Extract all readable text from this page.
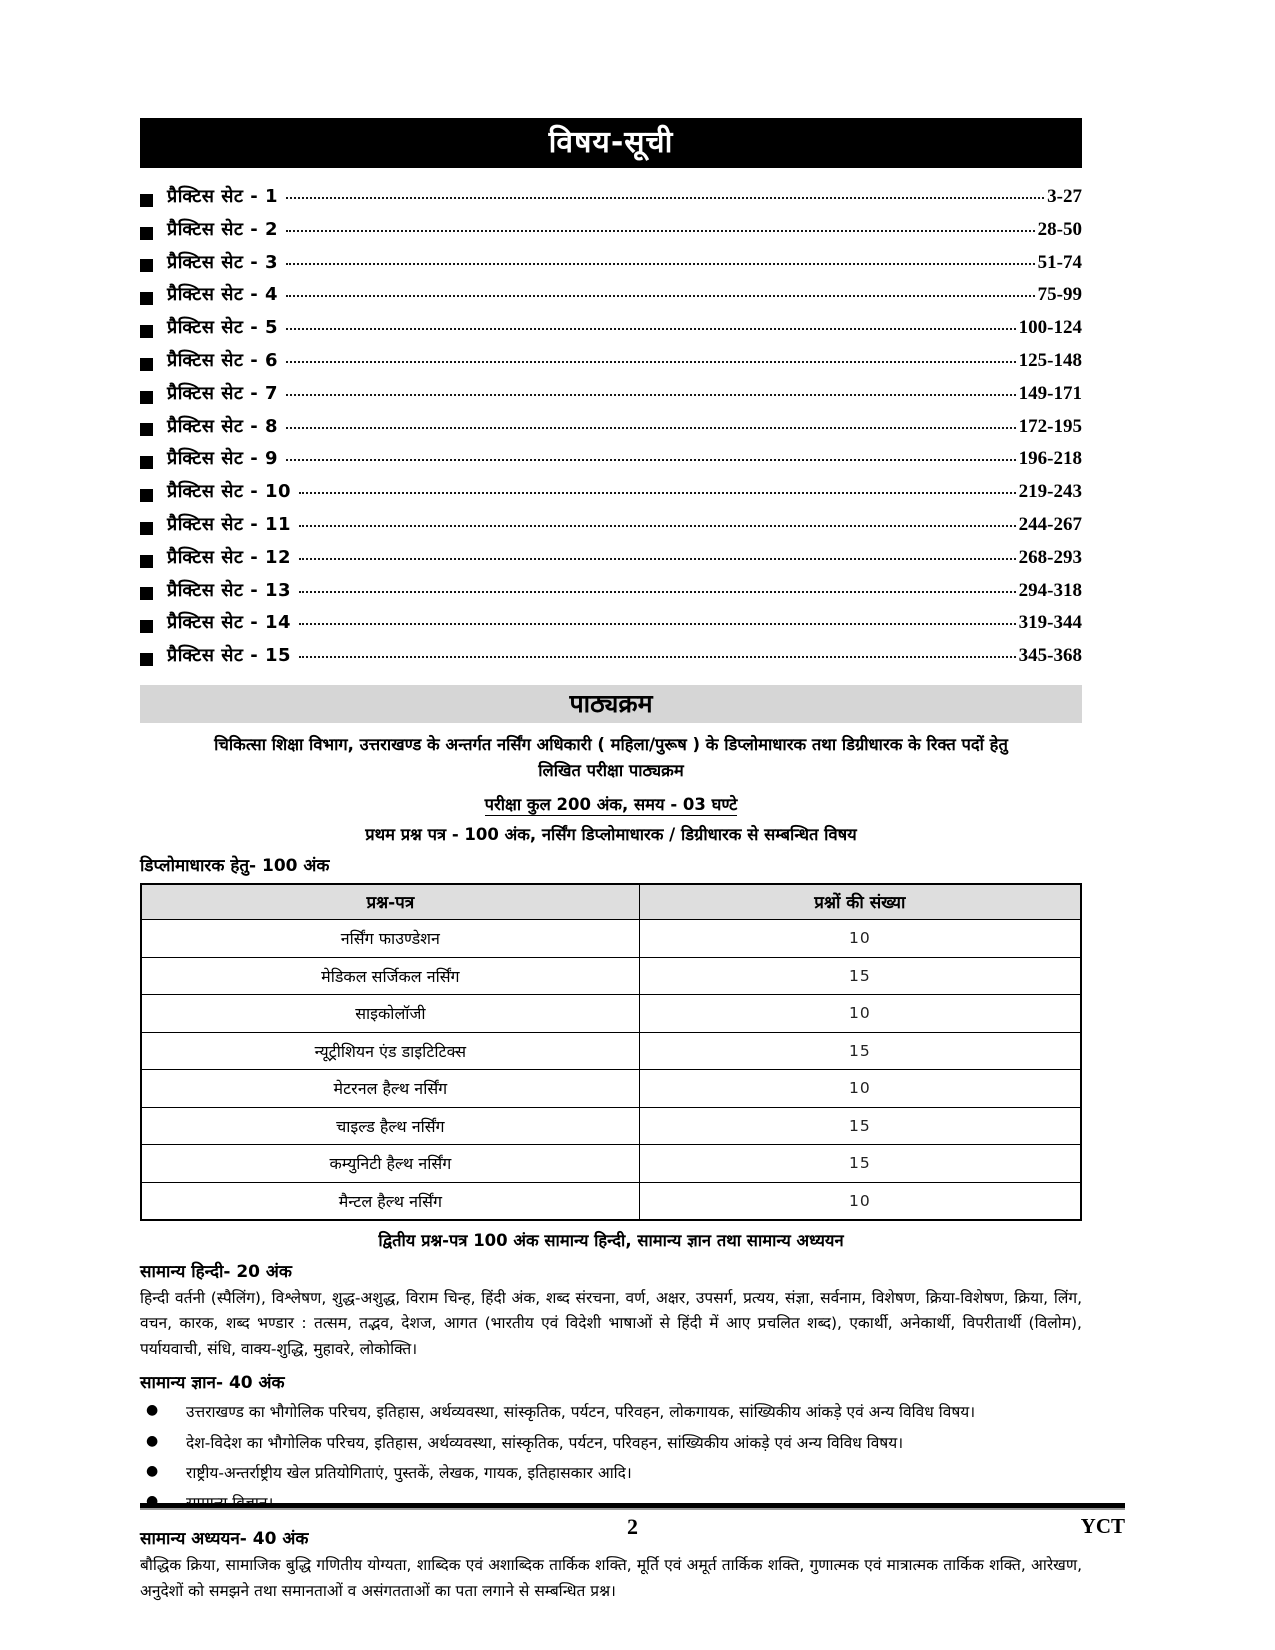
विषय-सूची
प्रैक्टिस सेट - 1	3-27
प्रैक्टिस सेट - 2	28-50
प्रैक्टिस सेट - 3	51-74
प्रैक्टिस सेट - 4	75-99
प्रैक्टिस सेट - 5	100-124
प्रैक्टिस सेट - 6	125-148
प्रैक्टिस सेट - 7	149-171
प्रैक्टिस सेट - 8	172-195
प्रैक्टिस सेट - 9	196-218
प्रैक्टिस सेट - 10	219-243
प्रैक्टिस सेट - 11	244-267
प्रैक्टिस सेट - 12	268-293
प्रैक्टिस सेट - 13	294-318
प्रैक्टिस सेट - 14	319-344
प्रैक्टिस सेट - 15	345-368
पाठ्यक्रम

चिकित्सा शिक्षा विभाग, उत्तराखण्ड के अन्तर्गत नर्सिंग अधिकारी ( महिला/पुरूष ) के डिप्लोमाधारक तथा डिग्रीधारक के रिक्त पदों हेतु
लिखित परीक्षा पाठ्यक्रम

परीक्षा कुल 200 अंक, समय - 03 घण्टे

प्रथम प्रश्न पत्र - 100 अंक, नर्सिंग डिप्लोमाधारक / डिग्रीधारक से सम्बन्धित विषय

डिप्लोमाधारक हेतु- 100 अंक

प्रश्न-पत्र	प्रश्नों की संख्या
नर्सिंग फाउण्डेशन	10
मेडिकल सर्जिकल नर्सिंग	15
साइकोलॉजी	10
न्यूट्रीशियन एंड डाइटिटिक्स	15
मेटरनल हैल्थ नर्सिंग	10
चाइल्ड हैल्थ नर्सिंग	15
कम्युनिटी हैल्थ नर्सिंग	15
मैन्टल हैल्थ नर्सिंग	10

द्वितीय प्रश्न-पत्र 100 अंक सामान्य हिन्दी, सामान्य ज्ञान तथा सामान्य अध्ययन

सामान्य हिन्दी- 20 अंक

हिन्दी वर्तनी (स्पैलिंग), विश्लेषण, शुद्ध-अशुद्ध, विराम चिन्ह, हिंदी अंक, शब्द संरचना, वर्ण, अक्षर, उपसर्ग, प्रत्यय, संज्ञा, सर्वनाम, विशेषण, क्रिया-विशेषण, क्रिया, लिंग, वचन, कारक, शब्द भण्डार : तत्सम, तद्भव, देशज, आगत (भारतीय एवं विदेशी भाषाओं से हिंदी में आए प्रचलित शब्द), एकार्थी, अनेकार्थी, विपरीतार्थी (विलोम), पर्यायवाची, संधि, वाक्य-शुद्धि, मुहावरे, लोकोक्ति।

सामान्य ज्ञान- 40 अंक

● उत्तराखण्ड का भौगोलिक परिचय, इतिहास, अर्थव्यवस्था, सांस्कृतिक, पर्यटन, परिवहन, लोकगायक, सांख्यिकीय आंकड़े एवं अन्य विविध विषय।
● देश-विदेश का भौगोलिक परिचय, इतिहास, अर्थव्यवस्था, सांस्कृतिक, पर्यटन, परिवहन, सांख्यिकीय आंकड़े एवं अन्य विविध विषय।
● राष्ट्रीय-अन्तर्राष्ट्रीय खेल प्रतियोगिताएं, पुस्तकें, लेखक, गायक, इतिहासकार आदि।
● सामान्य विज्ञान।

सामान्य अध्ययन- 40 अंक

बौद्धिक क्रिया, सामाजिक बुद्धि गणितीय योग्यता, शाब्दिक एवं अशाब्दिक तार्किक शक्ति, मूर्ति एवं अमूर्त तार्किक शक्ति, गुणात्मक एवं मात्रात्मक तार्किक शक्ति, आरेखण, अनुदेशों को समझने तथा समानताओं व असंगतताओं का पता लगाने से सम्बन्धित प्रश्न।

2	YCT
